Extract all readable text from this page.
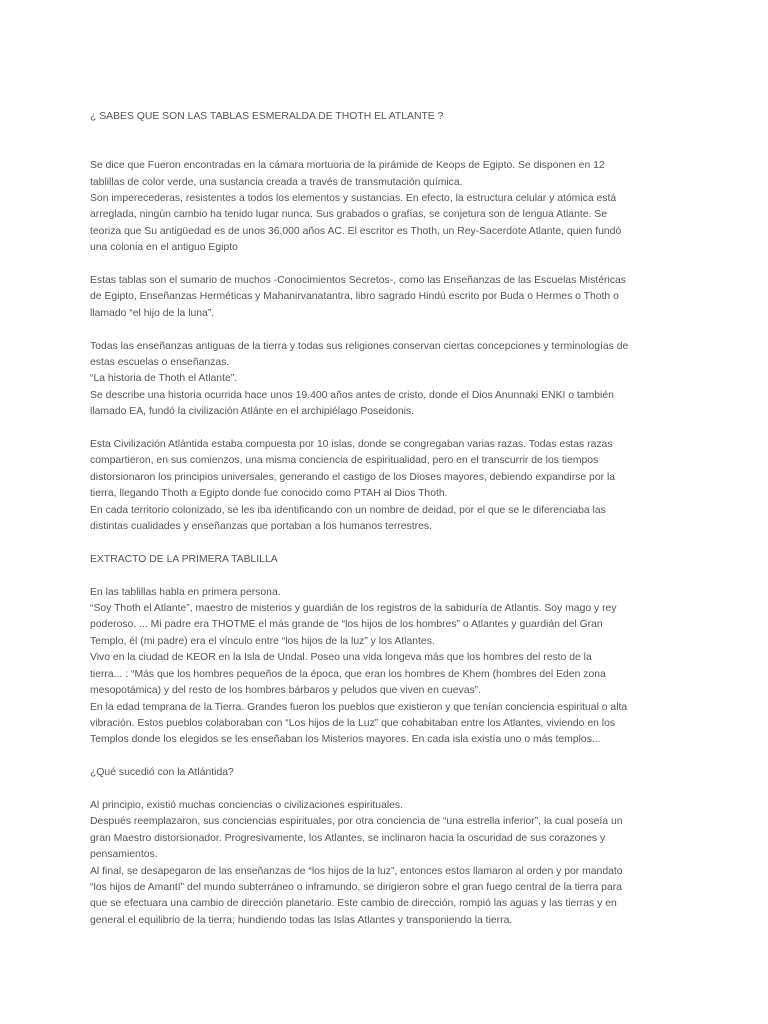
¿ SABES QUE SON LAS TABLAS ESMERALDA DE THOTH EL ATLANTE ?

Se dice que Fueron encontradas en la cámara mortuoria de la pirámide de Keops de Egipto. Se disponen en 12

tablillas de color verde, una sustancia creada a través de transmutación química.

Son imperecederas, resistentes a todos los elementos y sustancias. En efecto, la estructura celular y atómica está

arreglada, ningún cambio ha tenido lugar nunca. Sus grabados o grafías, se conjetura son de lengua Atlante. Se

teoriza que Su antigüedad es de unos 36,000 años AC. El escritor es Thoth, un Rey-Sacerdote Atlante, quien fundó

una colonia en el antiguo Egipto

Estas tablas son el sumario de muchos -Conocimientos Secretos-, como las Enseñanzas de las Escuelas Mistéricas

de Egipto, Enseñanzas Herméticas y Mahanirvanatantra, libro sagrado Hindú escrito por Buda o Hermes o Thoth o

llamado “el hijo de la luna”.

Todas las enseñanzas antiguas de la tierra y todas sus religiones conservan ciertas concepciones y terminologías de

estas escuelas o enseñanzas.

“La historia de Thoth el Atlante”.

Se describe una historia ocurrida hace unos 19.400 años antes de cristo, donde el Dios Anunnaki ENKI o también

llamado EA, fundó la civilización Atlánte en el archipiélago Poseidonis.

Esta Civilización Atlántida estaba compuesta por 10 islas, donde se congregaban varias razas. Todas estas razas

compartieron, en sus comienzos, una misma conciencia de espiritualidad, pero en el transcurrir de los tiempos

distorsionaron los principios universales, generando el castigo de los Dioses mayores, debiendo expandirse por la

tierra, llegando Thoth a Egipto donde fue conocido como PTAH al Dios Thoth.

En cada territorio colonizado, se les iba identificando con un nombre de deidad, por el que se le diferenciaba las

distintas cualidades y enseñanzas que portaban a los humanos terrestres.

EXTRACTO DE LA PRIMERA TABLILLA

En las tablillas habla en primera persona.

“Soy Thoth el Atlante”, maestro de misterios y guardián de los registros de la sabiduría de Atlantis. Soy mago y rey

poderoso. ... Mi padre era THOTME el más grande de “los hijos de los hombres” o Atlantes y guardián del Gran

Templo, él (mi padre) era el vínculo entre “los hijos de la luz” y los Atlantes.

Vivo en la ciudad de KEOR en la Isla de Undal. Poseo una vida longeva más que los hombres del resto de la

tierra... : “Más que los hombres pequeños de la época, que eran los hombres de Khem (hombres del Eden zona

mesopotámica) y del resto de los hombres bárbaros y peludos que viven en cuevas”.

En la edad temprana de la Tierra. Grandes fueron los pueblos que existieron y que tenían conciencia espiritual o alta

vibración. Estos pueblos colaboraban con “Los hijos de la Luz” que cohabitaban entre los Atlantes, viviendo en los

Templos donde los elegidos se les enseñaban los Misterios mayores. En cada isla existía uno o más templos...

¿Qué sucedió con la Atlántida?

Al principio, existió muchas conciencias o civilizaciones espirituales.

Después reemplazaron, sus conciencias espirituales, por otra conciencia de “una estrella inferior”, la cual poseía un

gran Maestro distorsionador. Progresivamente, los Atlantes, se inclinaron hacia la oscuridad de sus corazones y

pensamientos.

Al final, se desapegaron de las enseñanzas de “los hijos de la luz”, entonces estos llamaron al orden y por mandato

“los hijos de Amantí” del mundo subterráneo o inframundo, se dirigieron sobre el gran fuego central de la tierra para

que se efectuara una cambio de dirección planetario. Este cambio de dirección, rompió las aguas y las tierras y en

general el equilibrio de la tierra; hundiendo todas las Islas Atlantes y transponiendo la tierra.
